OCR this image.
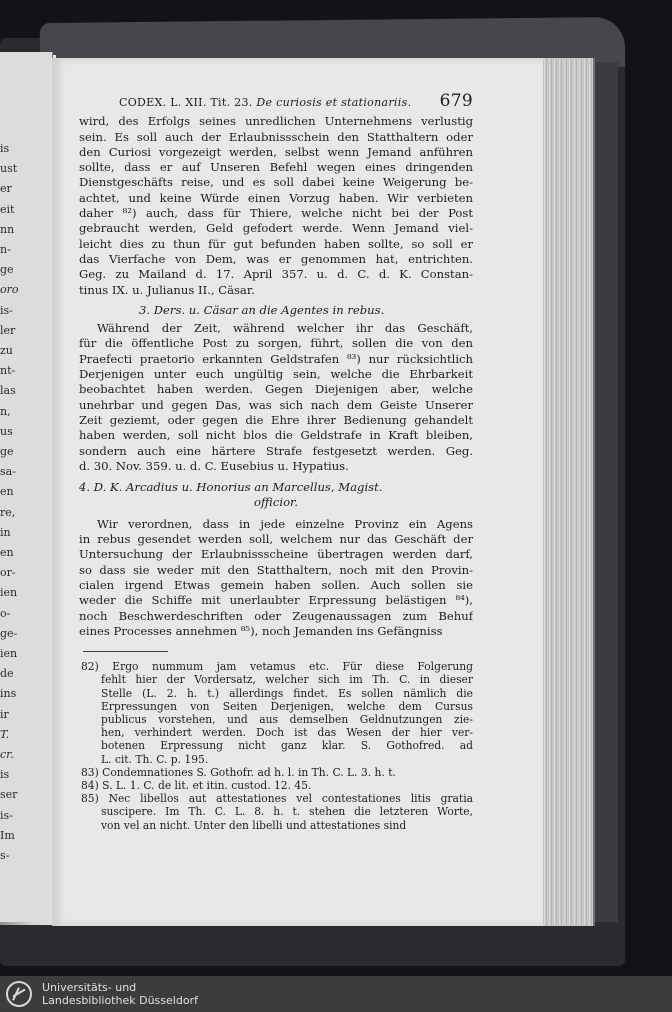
is
ust
er
eit
nn
n-
ge
oro
is-
ler
zu
nt-
las
n,
us
ge
sa-
en
re,
in
en
or-
ien
o-
ge-
ien
de
ins
ir
T.
cr.
is
ser
is-
Im
s-
CODEX. L. XII. Tit. 23. De curiosis et stationariis. 679
wird, des Erfolgs seines unredlichen Unternehmens verlustig
sein. Es soll auch der Erlaubnissschein den Statthaltern oder
den Curiosi vorgezeigt werden, selbst wenn Jemand anführen
sollte, dass er auf Unseren Befehl wegen eines dringenden
Dienstgeschäfts reise, und es soll dabei keine Weigerung be-
achtet, und keine Würde einen Vorzug haben. Wir verbieten
daher ⁸²) auch, dass für Thiere, welche nicht bei der Post
gebraucht werden, Geld gefodert werde. Wenn Jemand viel-
leicht dies zu thun für gut befunden haben sollte, so soll er
das Vierfache von Dem, was er genommen hat, entrichten.
Geg. zu Mailand d. 17. April 357. u. d. C. d. K. Constan-
tinus IX. u. Julianus II., Cäsar.
3. Ders. u. Cäsar an die Agentes in rebus.
Während der Zeit, während welcher ihr das Geschäft,
für die öffentliche Post zu sorgen, führt, sollen die von den
Praefecti praetorio erkannten Geldstrafen ⁸³) nur rücksichtlich
Derjenigen unter euch ungültig sein, welche die Ehrbarkeit
beobachtet haben werden. Gegen Diejenigen aber, welche
unehrbar und gegen Das, was sich nach dem Geiste Unserer
Zeit geziemt, oder gegen die Ehre ihrer Bedienung gehandelt
haben werden, soll nicht blos die Geldstrafe in Kraft bleiben,
sondern auch eine härtere Strafe festgesetzt werden. Geg.
d. 30. Nov. 359. u. d. C. Eusebius u. Hypatius.
4. D. K. Arcadius u. Honorius an Marcellus, Magist.
officior.
Wir verordnen, dass in jede einzelne Provinz ein Agens
in rebus gesendet werden soll, welchem nur das Geschäft der
Untersuchung der Erlaubnissscheine übertragen werden darf,
so dass sie weder mit den Statthaltern, noch mit den Provin-
cialen irgend Etwas gemein haben sollen. Auch sollen sie
weder die Schiffe mit unerlaubter Erpressung belästigen ⁸⁴),
noch Beschwerdeschriften oder Zeugenaussagen zum Behuf
eines Processes annehmen ⁸⁵), noch Jemanden ins Gefängniss
82) Ergo nummum jam vetamus etc. Für diese Folgerung
fehlt hier der Vordersatz, welcher sich im Th. C. in dieser
Stelle (L. 2. h. t.) allerdings findet. Es sollen nämlich die
Erpressungen von Seiten Derjenigen, welche dem Cursus
publicus vorstehen, und aus demselben Geldnutzungen zie-
hen, verhindert werden. Doch ist das Wesen der hier ver-
botenen Erpressung nicht ganz klar. S. Gothofred. ad
L. cit. Th. C. p. 195.
83) Condemnationes S. Gothofr. ad h. l. in Th. C. L. 3. h. t.
84) S. L. 1. C. de lit. et itin. custod. 12. 45.
85) Nec libellos aut attestationes vel contestationes litis gratia
suscipere. Im Th. C. L. 8. h. t. stehen die letzteren Worte,
von vel an nicht. Unter den libelli und attestationes sind
Universitäts- und
Landesbibliothek Düsseldorf
